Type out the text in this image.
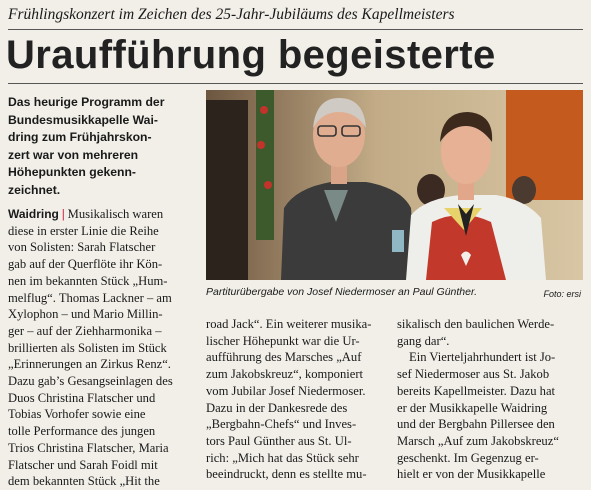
Frühlingskonzert im Zeichen des 25-Jahr-Jubiläums des Kapellmeisters
Uraufführung begeisterte
Das heurige Programm der
Bundesmusikkapelle Wai-
dring zum Frühjahrskon-
zert war von mehreren
Höhepunkten gekenn-
zeichnet.
Waidring | Musikalisch waren
diese in erster Linie die Reihe
von Solisten: Sarah Flatscher
gab auf der Querflöte ihr Kön-
nen im bekannten Stück „Hum-
melflug“. Thomas Lackner – am
Xylophon – und Mario Millin-
ger – auf der Ziehharmonika –
brillierten als Solisten im Stück
„Erinnerungen an Zirkus Renz“.
Dazu gab’s Gesangseinlagen des
Duos Christina Flatscher und
Tobias Vorhofer sowie eine
tolle Performance des jungen
Trios Christina Flatscher, Maria
Flatscher und Sarah Foidl mit
dem bekannten Stück „Hit the
Partiturübergabe von Josef Niedermoser an Paul Günther.	Foto: ersi
road Jack“. Ein weiterer musika-
lischer Höhepunkt war die Ur-
aufführung des Marsches „Auf
zum Jakobskreuz“, komponiert
vom Jubilar Josef Niedermoser.
Dazu in der Dankesrede des
„Bergbahn-Chefs“ und Inves-
tors Paul Günther aus St. Ul-
rich: „Mich hat das Stück sehr
beeindruckt, denn es stellte mu-
sikalisch den baulichen Werde-
gang dar“.
Ein Vierteljahrhundert ist Jo-
sef Niedermoser aus St. Jakob
bereits Kapellmeister. Dazu hat
er der Musikkapelle Waidring
und der Bergbahn Pillersee den
Marsch „Auf zum Jakobskreuz“
geschenkt. Im Gegenzug er-
hielt er von der Musikkapelle
